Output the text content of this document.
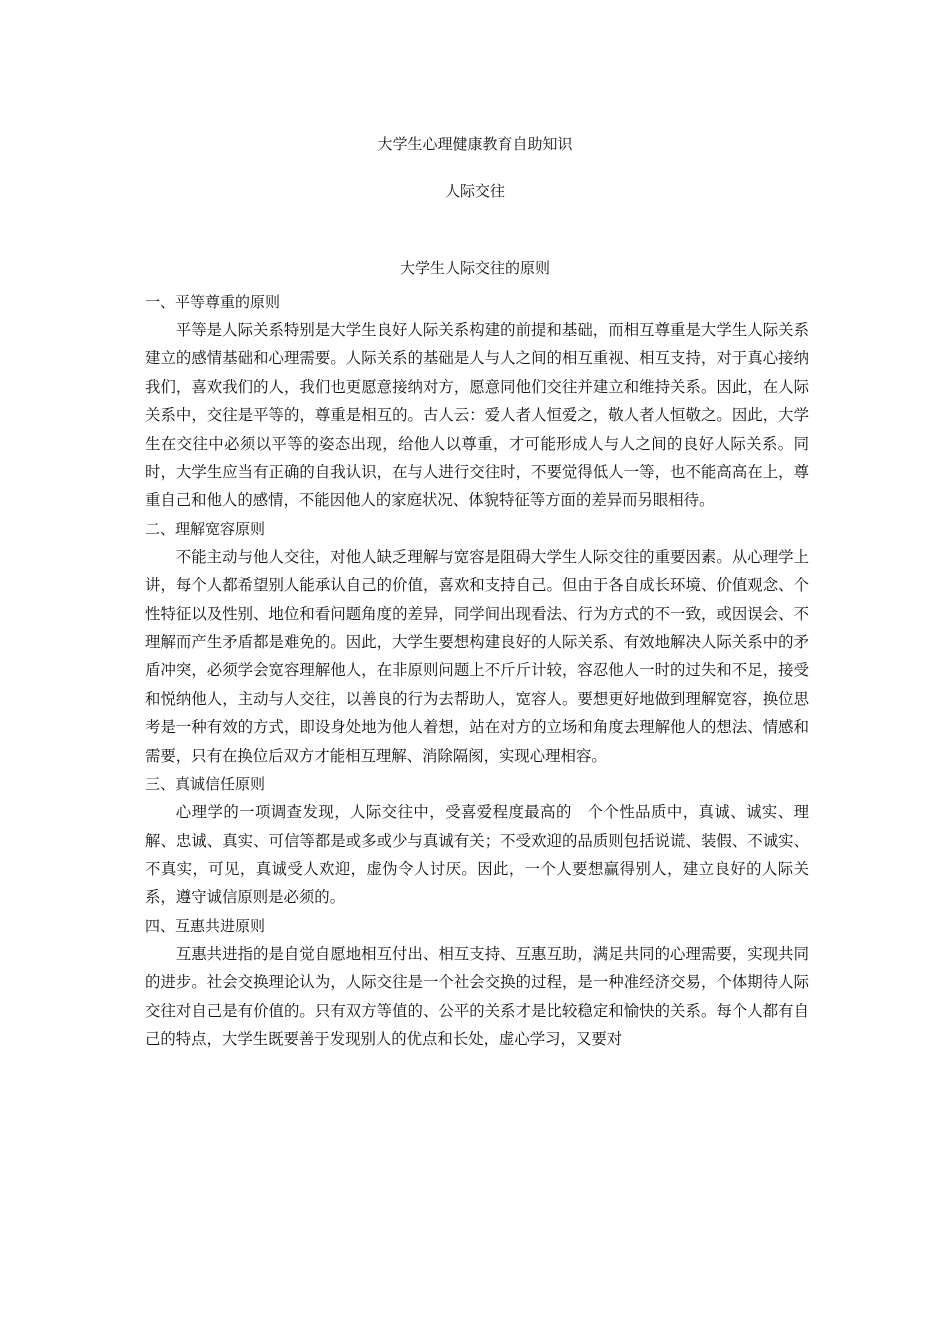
大学生心理健康教育自助知识
人际交往
大学生人际交往的原则
一、平等尊重的原则

平等是人际关系特别是大学生良好人际关系构建的前提和基础，而相互尊重是大学生人际关系建立的感情基础和心理需要。人际关系的基础是人与人之间的相互重视、相互支持，对于真心接纳我们，喜欢我们的人，我们也更愿意接纳对方，愿意同他们交往并建立和维持关系。因此，在人际关系中，交往是平等的，尊重是相互的。古人云：爱人者人恒爱之，敬人者人恒敬之。因此，大学生在交往中必须以平等的姿态出现，给他人以尊重，才可能形成人与人之间的良好人际关系。同时，大学生应当有正确的自我认识，在与人进行交往时，不要觉得低人一等，也不能高高在上，尊重自己和他人的感情，不能因他人的家庭状况、体貌特征等方面的差异而另眼相待。

二、理解宽容原则

不能主动与他人交往，对他人缺乏理解与宽容是阻碍大学生人际交往的重要因素。从心理学上讲，每个人都希望别人能承认自己的价值，喜欢和支持自己。但由于各自成长环境、价值观念、个性特征以及性别、地位和看问题角度的差异，同学间出现看法、行为方式的不一致，或因误会、不理解而产生矛盾都是难免的。因此，大学生要想构建良好的人际关系、有效地解决人际关系中的矛盾冲突，必须学会宽容理解他人，在非原则问题上不斤斤计较，容忍他人一时的过失和不足，接受和悦纳他人，主动与人交往，以善良的行为去帮助人，宽容人。要想更好地做到理解宽容，换位思考是一种有效的方式，即设身处地为他人着想，站在对方的立场和角度去理解他人的想法、情感和需要，只有在换位后双方才能相互理解、消除隔阂，实现心理相容。

三、真诚信任原则

心理学的一项调查发现，人际交往中，受喜爱程度最高的　个个性品质中，真诚、诚实、理解、忠诚、真实、可信等都是或多或少与真诚有关；不受欢迎的品质则包括说谎、装假、不诚实、不真实，可见，真诚受人欢迎，虚伪令人讨厌。因此，一个人要想赢得别人，建立良好的人际关系，遵守诚信原则是必须的。

四、互惠共进原则

互惠共进指的是自觉自愿地相互付出、相互支持、互惠互助，满足共同的心理需要，实现共同的进步。社会交换理论认为，人际交往是一个社会交换的过程，是一种准经济交易，个体期待人际交往对自己是有价值的。只有双方等值的、公平的关系才是比较稳定和愉快的关系。每个人都有自己的特点，大学生既要善于发现别人的优点和长处，虚心学习，又要对
